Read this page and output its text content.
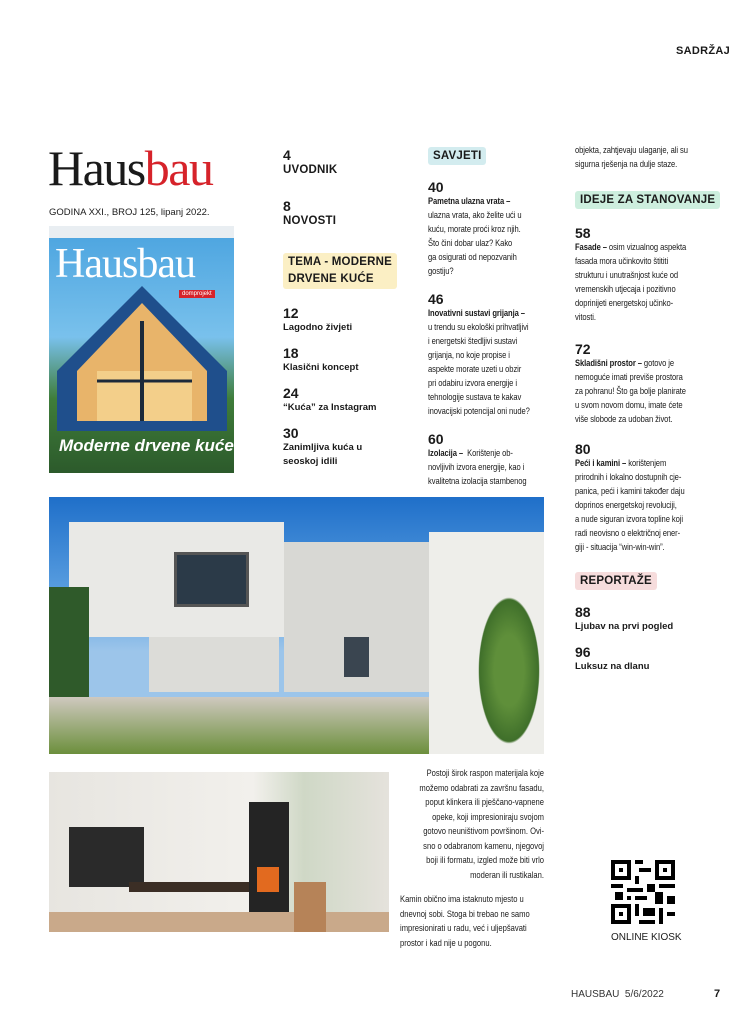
SADRŽAJ
Hausbau
GODINA XXI., BROJ 125, lipanj 2022.
Hausbau
domprojekt
Moderne drvene kuće
4
UVODNIK
8
NOVOSTI
TEMA - MODERNE
DRVENE KUĆE
12
Lagodno živjeti
18
Klasični koncept
24
“Kuća” za Instagram
30
Zanimljiva kuća u
seoskoj idili
SAVJETI
40
Pametna ulazna vrata –
ulazna vrata, ako želite ući u
kuću, morate proći kroz njih.
Što čini dobar ulaz? Kako
ga osigurati od nepozvanih
gostiju?
46
Inovativni sustavi grijanja –
u trendu su ekološki prihvatljivi
i energetski štedljivi sustavi
grijanja, no koje propise i
aspekte morate uzeti u obzir
pri odabiru izvora energije i
tehnologije sustava te kakav
inovacijski potencijal oni nude?
60
Izolacija –  Korištenje ob-
novljivih izvora energije, kao i
kvalitetna izolacija stambenog
objekta, zahtjevaju ulaganje, ali su
sigurna rješenja na dulje staze.
IDEJE ZA STANOVANJE
58
Fasade – osim vizualnog aspekta
fasada mora učinkovito štititi
strukturu i unutrašnjost kuće od
vremenskih utjecaja i pozitivno
doprinijeti energetskoj učinko-
vitosti.
72
Skladišni prostor – gotovo je
nemoguće imati previše prostora
za pohranu! Što ga bolje planirate
u svom novom domu, imate ćete
više slobode za udoban život.
80
Peći i kamini – korištenjem
prirodnih i lokalno dostupnih cje-
panica, peći i kamini također daju
doprinos energetskoj revoluciji,
a nude siguran izvora topline koji
radi neovisno o električnoj ener-
giji - situacija “win-win-win”.
REPORTAŽE
88
Ljubav na prvi pogled
96
Luksuz na dlanu
Postoji širok raspon materijala koje
možemo odabrati za završnu fasadu,
poput klinkera ili pješčano-vapnene
opeke, koji impresioniraju svojom
gotovo neuništivom površinom. Ovi-
sno o odabranom kamenu, njegovoj
boji ili formatu, izgled može biti vrlo
moderan ili rustikalan.
Kamin obično ima istaknuto mjesto u
dnevnoj sobi. Stoga bi trebao ne samo
impresionirati u radu, već i uljepšavati
prostor i kad nije u pogonu.	ONLINE KIOSK
HAUSBAU  5/6/2022	7
